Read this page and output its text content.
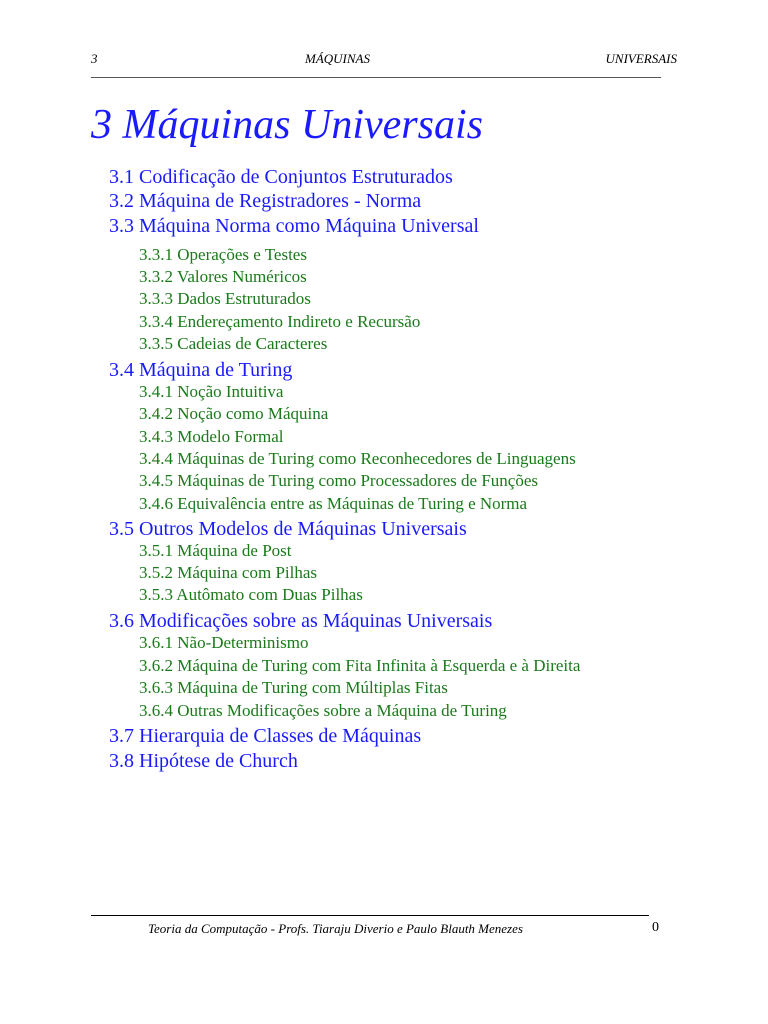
3	MÁQUINAS	UNIVERSAIS
3 Máquinas Universais
3.1 Codificação de Conjuntos Estruturados
3.2 Máquina de Registradores - Norma
3.3 Máquina Norma como Máquina Universal
3.3.1 Operações e Testes
3.3.2 Valores Numéricos
3.3.3 Dados Estruturados
3.3.4 Endereçamento Indireto e Recursão
3.3.5 Cadeias de Caracteres
3.4 Máquina de Turing
3.4.1 Noção Intuitiva
3.4.2 Noção como Máquina
3.4.3 Modelo Formal
3.4.4 Máquinas de Turing como Reconhecedores de Linguagens
3.4.5 Máquinas de Turing como Processadores de Funções
3.4.6 Equivalência entre as Máquinas de Turing e Norma
3.5 Outros Modelos de Máquinas Universais
3.5.1 Máquina de Post
3.5.2 Máquina com Pilhas
3.5.3 Autômato com Duas Pilhas
3.6 Modificações sobre as Máquinas Universais
3.6.1 Não-Determinismo
3.6.2 Máquina de Turing com Fita Infinita à Esquerda e à Direita
3.6.3 Máquina de Turing com Múltiplas Fitas
3.6.4 Outras Modificações sobre a Máquina de Turing
3.7 Hierarquia de Classes de Máquinas
3.8 Hipótese de Church
Teoria da Computação - Profs. Tiaraju Diverio e Paulo Blauth Menezes	0
